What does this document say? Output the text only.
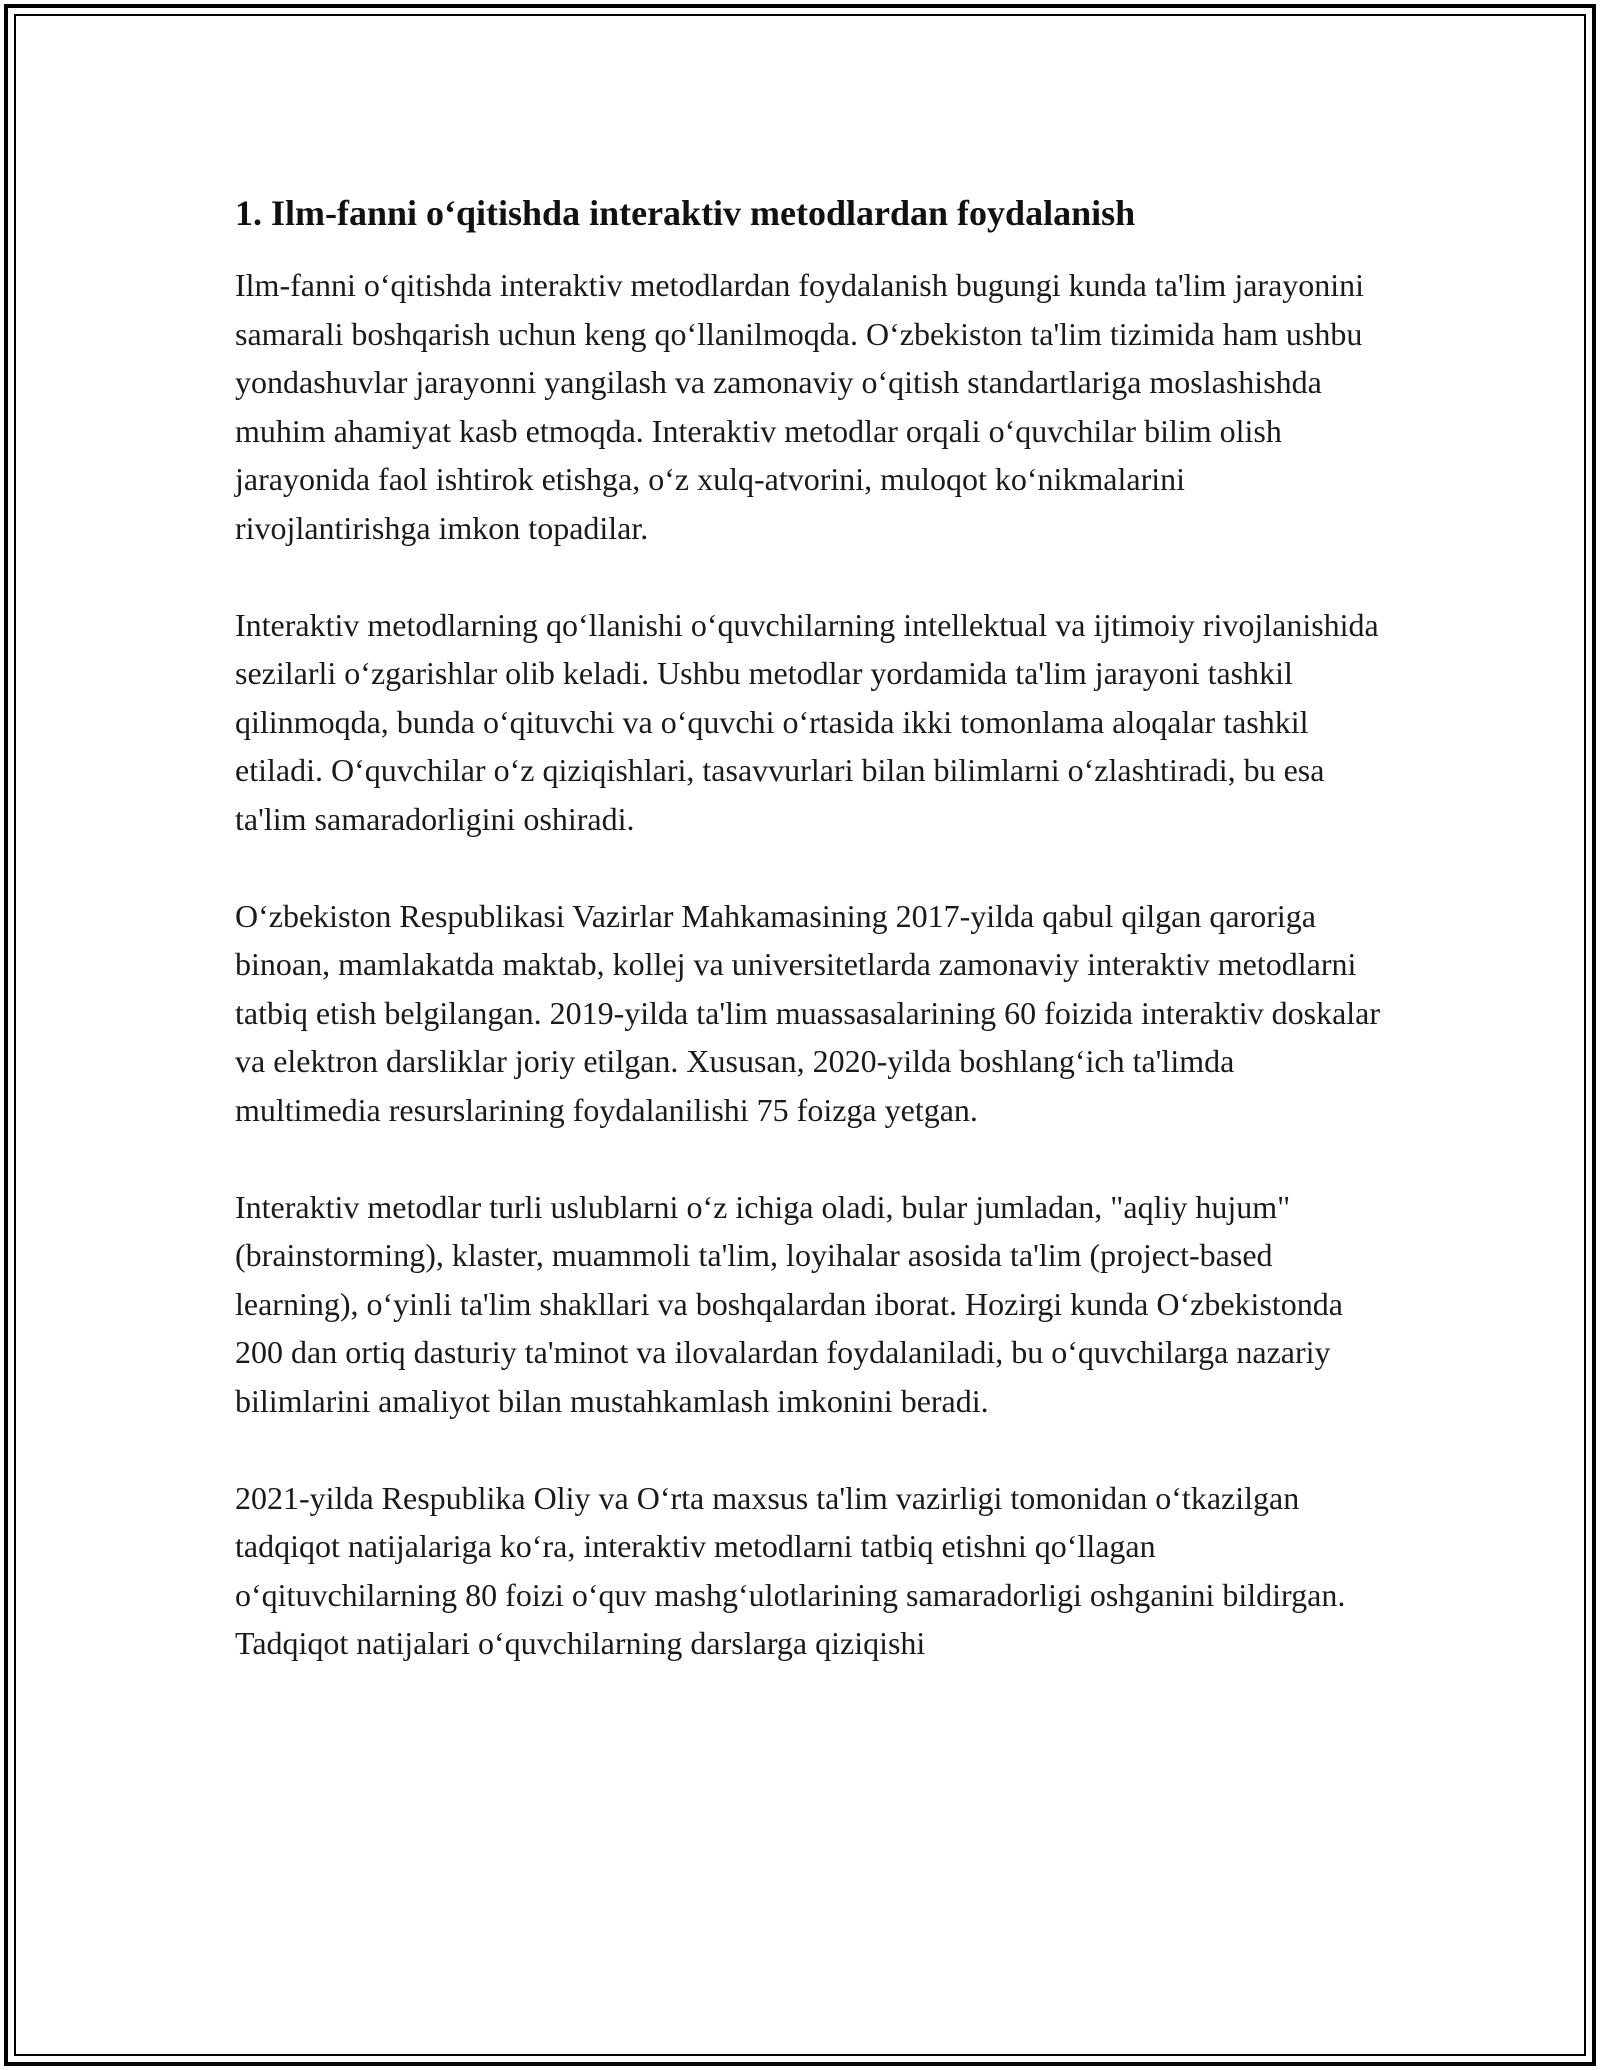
1. Ilm-fanni o‘qitishda interaktiv metodlardan foydalanish

Ilm-fanni o‘qitishda interaktiv metodlardan foydalanish bugungi kunda ta'lim jarayonini samarali boshqarish uchun keng qo‘llanilmoqda. O‘zbekiston ta'lim tizimida ham ushbu yondashuvlar jarayonni yangilash va zamonaviy o‘qitish standartlariga moslashishda muhim ahamiyat kasb etmoqda. Interaktiv metodlar orqali o‘quvchilar bilim olish jarayonida faol ishtirok etishga, o‘z xulq-atvorini, muloqot ko‘nikmalarini rivojlantirishga imkon topadilar.

Interaktiv metodlarning qo‘llanishi o‘quvchilarning intellektual va ijtimoiy rivojlanishida sezilarli o‘zgarishlar olib keladi. Ushbu metodlar yordamida ta'lim jarayoni tashkil qilinmoqda, bunda o‘qituvchi va o‘quvchi o‘rtasida ikki tomonlama aloqalar tashkil etiladi. O‘quvchilar o‘z qiziqishlari, tasavvurlari bilan bilimlarni o‘zlashtiradi, bu esa ta'lim samaradorligini oshiradi.

O‘zbekiston Respublikasi Vazirlar Mahkamasining 2017-yilda qabul qilgan qaroriga binoan, mamlakatda maktab, kollej va universitetlarda zamonaviy interaktiv metodlarni tatbiq etish belgilangan. 2019-yilda ta'lim muassasalarining 60 foizida interaktiv doskalar va elektron darsliklar joriy etilgan. Xususan, 2020-yilda boshlang‘ich ta'limda multimedia resurslarining foydalanilishi 75 foizga yetgan.

Interaktiv metodlar turli uslublarni o‘z ichiga oladi, bular jumladan, "aqliy hujum" (brainstorming), klaster, muammoli ta'lim, loyihalar asosida ta'lim (project-based learning), o‘yinli ta'lim shakllari va boshqalardan iborat. Hozirgi kunda O‘zbekistonda 200 dan ortiq dasturiy ta'minot va ilovalardan foydalaniladi, bu o‘quvchilarga nazariy bilimlarini amaliyot bilan mustahkamlash imkonini beradi.

2021-yilda Respublika Oliy va O‘rta maxsus ta'lim vazirligi tomonidan o‘tkazilgan tadqiqot natijalariga ko‘ra, interaktiv metodlarni tatbiq etishni qo‘llagan o‘qituvchilarning 80 foizi o‘quv mashg‘ulotlarining samaradorligi oshganini bildirgan. Tadqiqot natijalari o‘quvchilarning darslarga qiziqishi
